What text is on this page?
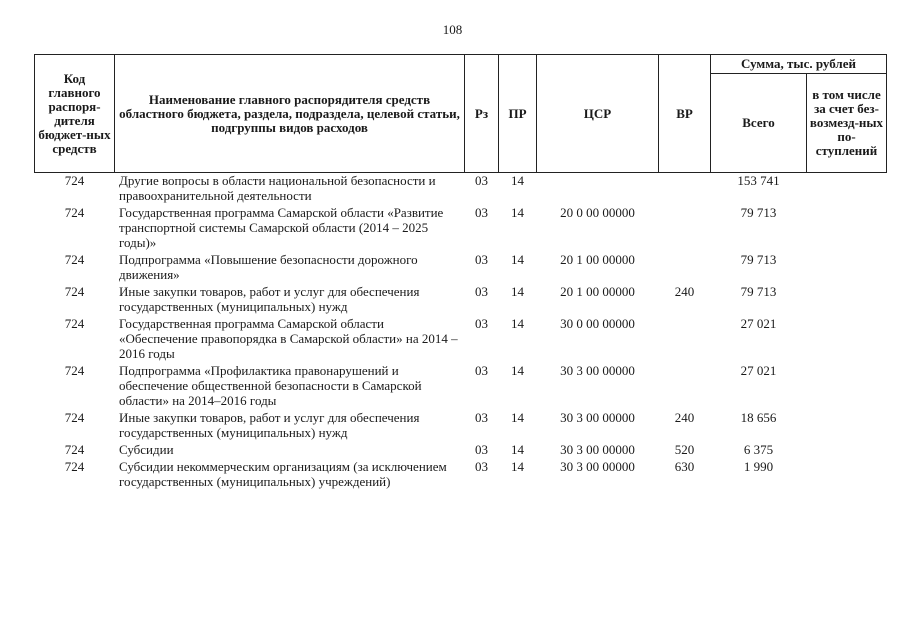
108
Код главного распоря-дителя бюджет-ных средств	Наименование главного распорядителя средств областного бюджета, раздела, подраздела, целевой статьи, подгруппы видов расходов	Рз	ПР	ЦСР	ВР	Сумма, тыс. рублей	
						Всего	в том числе за счет без-возмезд-ных по-ступлений
724	Другие вопросы в области национальной безопасности и правоохранительной деятельности	03	14			153 741	
724	Государственная программа Самарской области «Развитие транспортной системы Самарской области (2014 – 2025 годы)»	03	14	20 0 00 00000		79 713	
724	Подпрограмма «Повышение безопасности дорожного движения»	03	14	20 1 00 00000		79 713	
724	Иные закупки товаров, работ и услуг для обеспечения государственных (муниципальных) нужд	03	14	20 1 00 00000	240	79 713	
724	Государственная программа Самарской области «Обеспечение правопорядка в Самарской области» на 2014 – 2016 годы	03	14	30 0 00 00000		27 021	
724	Подпрограмма «Профилактика правонарушений и обеспечение общественной безопасности в Самарской области» на 2014–2016 годы	03	14	30 3 00 00000		27 021	
724	Иные закупки товаров, работ и услуг для обеспечения государственных (муниципальных) нужд	03	14	30 3 00 00000	240	18 656	
724	Субсидии	03	14	30 3 00 00000	520	6 375	
724	Субсидии некоммерческим организациям (за исключением государственных (муниципальных) учреждений)	03	14	30 3 00 00000	630	1 990	
